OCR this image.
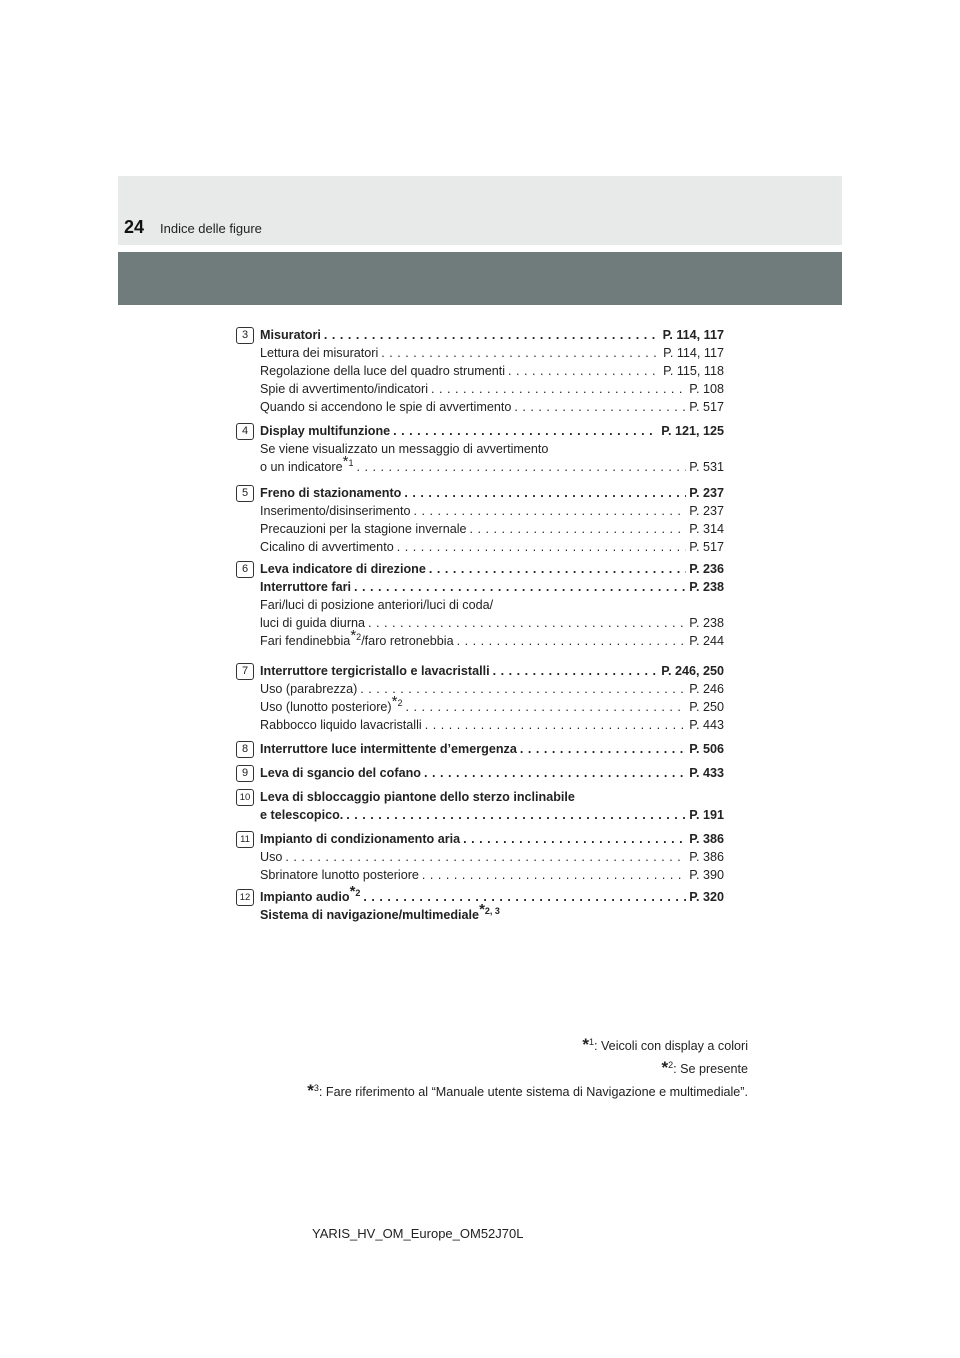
24 Indice delle figure
3 Misuratori . . .	P. 114, 117
Lettura dei misuratori . . .	P. 114, 117
Regolazione della luce del quadro strumenti . . .	P. 115, 118
Spie di avvertimento/indicatori . . .	P. 108
Quando si accendono le spie di avvertimento . . .	P. 517
4 Display multifunzione . . .	P. 121, 125
Se viene visualizzato un messaggio di avvertimento
o un indicatore$^{*1}$ . . .	P. 531
5 Freno di stazionamento . . .	P. 237
Inserimento/disinserimento . . .	P. 237
Precauzioni per la stagione invernale . . .	P. 314
Cicalino di avvertimento . . .	P. 517
6 Leva indicatore di direzione . . .	P. 236
Interruttore fari . . .	P. 238
Fari/luci di posizione anteriori/luci di coda/
luci di guida diurna . . .	P. 238
Fari fendinebbia$^{*2}$/faro retronebbia . . .	P. 244
7 Interruttore tergicristallo e lavacristalli . . .	P. 246, 250
Uso (parabrezza) . . .	P. 246
Uso (lunotto posteriore)$^{*2}$ . . .	P. 250
Rabbocco liquido lavacristalli . . .	P. 443
8 Interruttore luce intermittente d’emergenza . . .	P. 506
9 Leva di sgancio del cofano . . .	P. 433
10 Leva di sbloccaggio piantone dello sterzo inclinabile
e telescopico. . . .	P. 191
11 Impianto di condizionamento aria . . .	P. 386
Uso . . .	P. 386
Sbrinatore lunotto posteriore . . .	P. 390
12 Impianto audio$^{*2}$ . . .	P. 320
Sistema di navigazione/multimediale$^{*2, 3}$
*$^1$: Veicoli con display a colori
*$^2$: Se presente
*$^3$: Fare riferimento al “Manuale utente sistema di Navigazione e multimediale”.
YARIS_HV_OM_Europe_OM52J70L
